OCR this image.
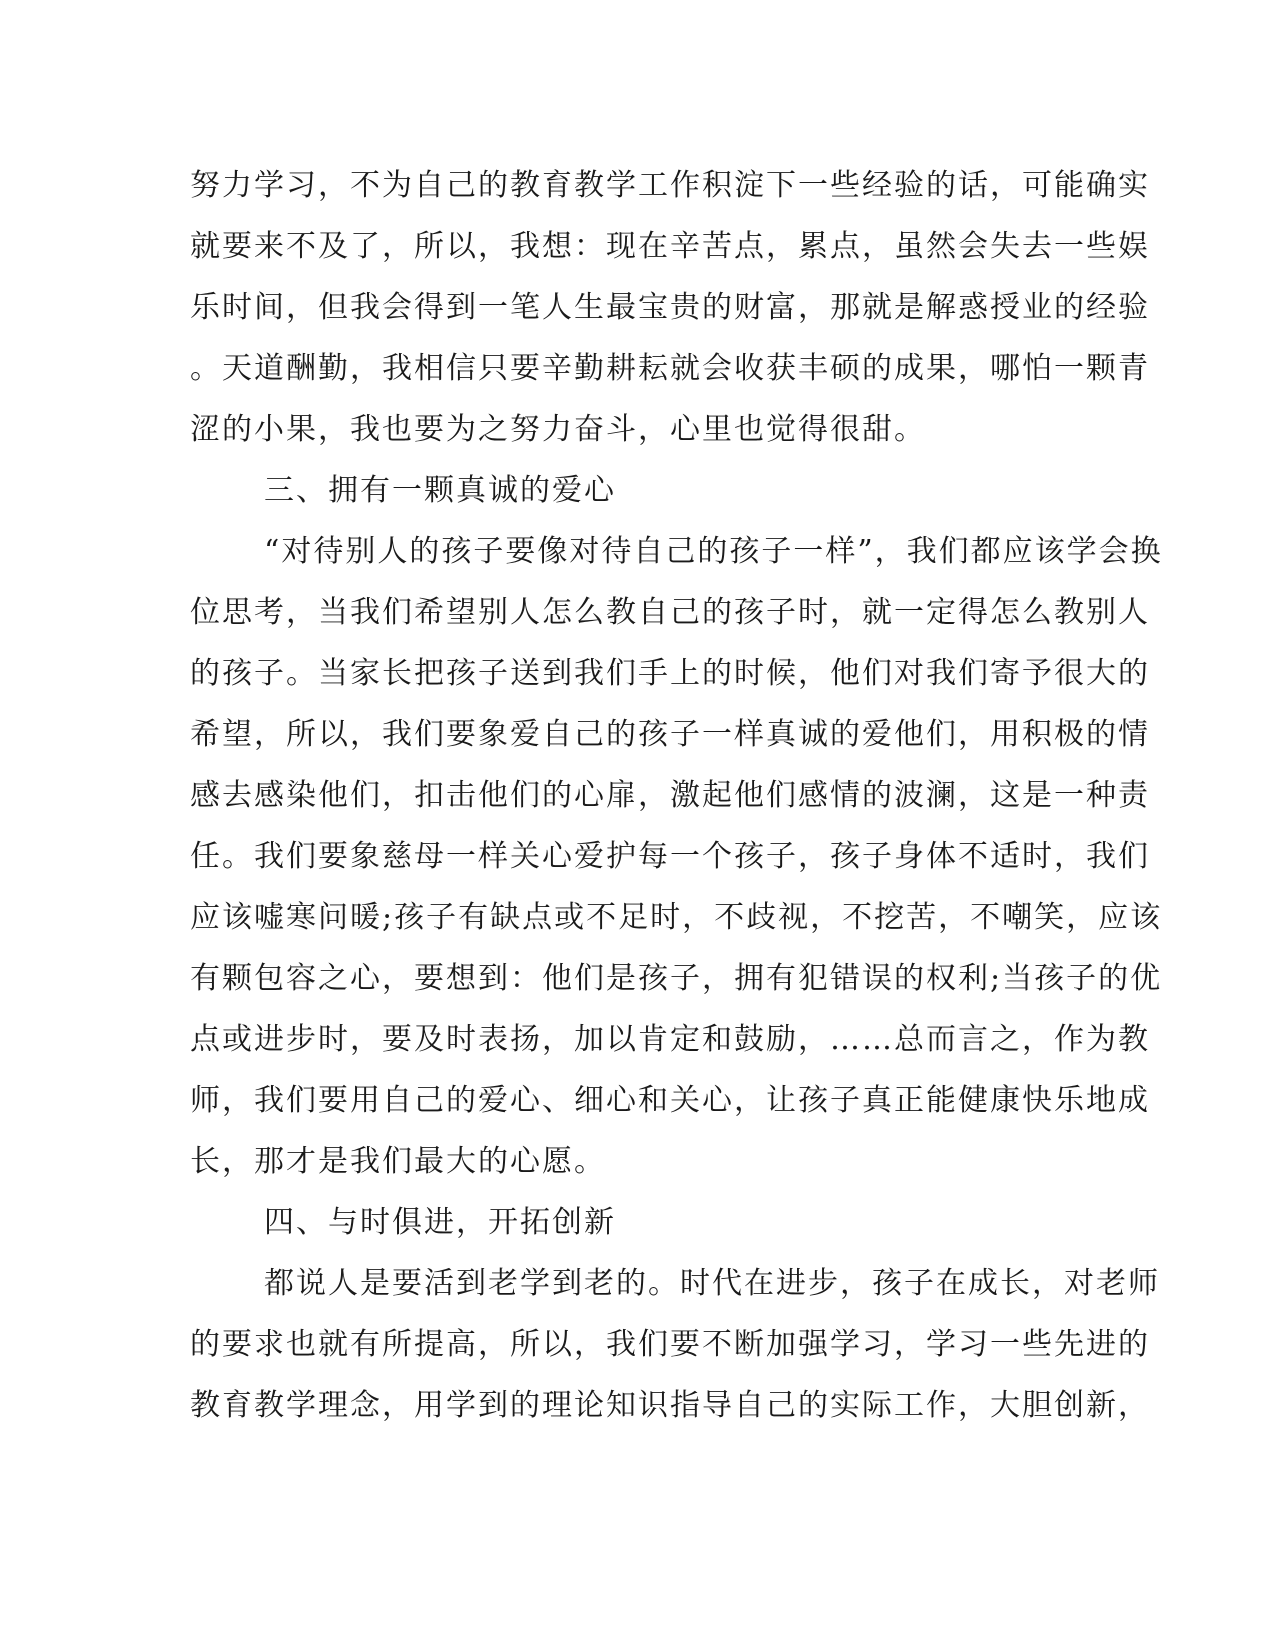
努力学习，不为自己的教育教学工作积淀下一些经验的话，可能确实
就要来不及了，所以，我想：现在辛苦点，累点，虽然会失去一些娱
乐时间，但我会得到一笔人生最宝贵的财富，那就是解惑授业的经验
。天道酬勤，我相信只要辛勤耕耘就会收获丰硕的成果，哪怕一颗青
涩的小果，我也要为之努力奋斗，心里也觉得很甜。
三、拥有一颗真诚的爱心
“对待别人的孩子要像对待自己的孩子一样”，我们都应该学会换
位思考，当我们希望别人怎么教自己的孩子时，就一定得怎么教别人
的孩子。当家长把孩子送到我们手上的时候，他们对我们寄予很大的
希望，所以，我们要象爱自己的孩子一样真诚的爱他们，用积极的情
感去感染他们，扣击他们的心扉，激起他们感情的波澜，这是一种责
任。我们要象慈母一样关心爱护每一个孩子，孩子身体不适时，我们
应该嘘寒问暖;孩子有缺点或不足时，不歧视，不挖苦，不嘲笑，应该
有颗包容之心，要想到：他们是孩子，拥有犯错误的权利;当孩子的优
点或进步时，要及时表扬，加以肯定和鼓励，……总而言之，作为教
师，我们要用自己的爱心、细心和关心，让孩子真正能健康快乐地成
长，那才是我们最大的心愿。
四、与时俱进，开拓创新
都说人是要活到老学到老的。时代在进步，孩子在成长，对老师
的要求也就有所提高，所以，我们要不断加强学习，学习一些先进的
教育教学理念，用学到的理论知识指导自己的实际工作，大胆创新，
